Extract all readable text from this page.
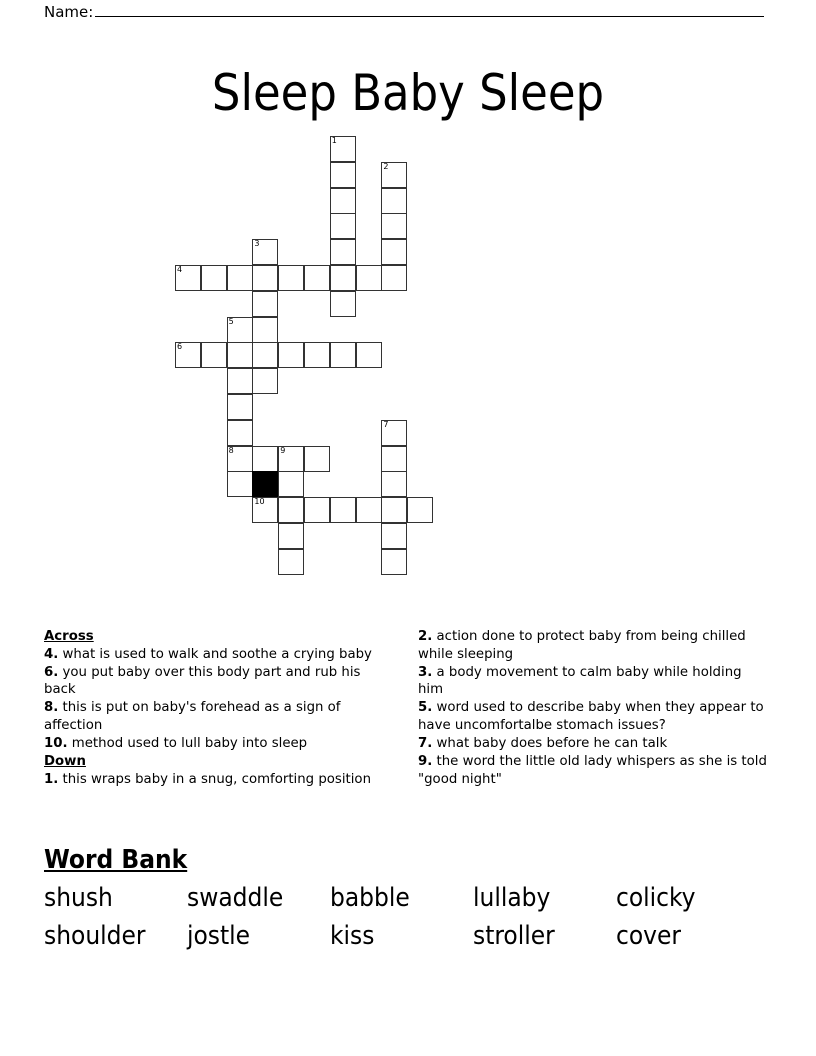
Name:
Sleep Baby Sleep
1
2
3
4
5
8
6
7
9
10
Across
4. what is used to walk and soothe a crying baby
6. you put baby over this body part and rub his back
8. this is put on baby's forehead as a sign of affection
10. method used to lull baby into sleep
Down
1. this wraps baby in a snug, comforting position
2. action done to protect baby from being chilled while sleeping
3. a body movement to calm baby while holding him
5. word used to describe baby when they appear to have uncomfortalbe stomach issues?
7. what baby does before he can talk
9. the word the little old lady whispers as she is told "good night"
Word Bank
shush	swaddle	babble	lullaby	colicky
shoulder	jostle	kiss	stroller	cover
